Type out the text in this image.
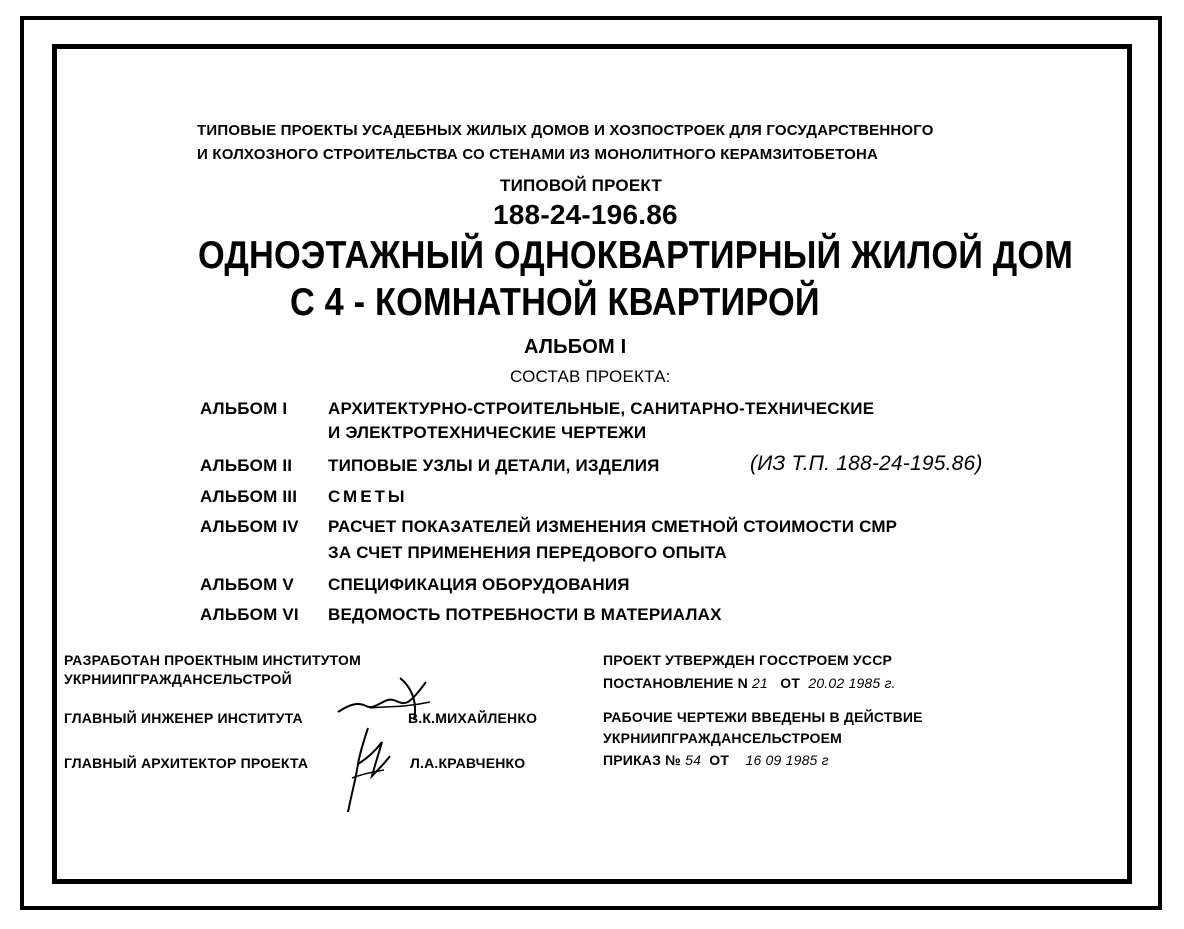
ТИПОВЫЕ ПРОЕКТЫ УСАДЕБНЫХ ЖИЛЫХ ДОМОВ И ХОЗПОСТРОЕК ДЛЯ ГОСУДАРСТВЕННОГО
И КОЛХОЗНОГО СТРОИТЕЛЬСТВА СО СТЕНАМИ ИЗ МОНОЛИТНОГО КЕРАМЗИТОБЕТОНА
ТИПОВОЙ ПРОЕКТ
188-24-196.86
ОДНОЭТАЖНЫЙ ОДНОКВАРТИРНЫЙ ЖИЛОЙ ДОМ
С 4 - КОМНАТНОЙ КВАРТИРОЙ
АЛЬБОМ I
СОСТАВ ПРОЕКТА:
АЛЬБОМ I АРХИТЕКТУРНО-СТРОИТЕЛЬНЫЕ, САНИТАРНО-ТЕХНИЧЕСКИЕ
И ЭЛЕКТРОТЕХНИЧЕСКИЕ ЧЕРТЕЖИ
АЛЬБОМ II ТИПОВЫЕ УЗЛЫ И ДЕТАЛИ, ИЗДЕЛИЯ	(ИЗ Т.П. 188-24-195.86)
АЛЬБОМ III СМЕТЫ
АЛЬБОМ IV РАСЧЕТ ПОКАЗАТЕЛЕЙ ИЗМЕНЕНИЯ СМЕТНОЙ СТОИМОСТИ СМР
ЗА СЧЕТ ПРИМЕНЕНИЯ ПЕРЕДОВОГО ОПЫТА
АЛЬБОМ V СПЕЦИФИКАЦИЯ ОБОРУДОВАНИЯ
АЛЬБОМ VI ВЕДОМОСТЬ ПОТРЕБНОСТИ В МАТЕРИАЛАХ
РАЗРАБОТАН ПРОЕКТНЫМ ИНСТИТУТОМ
УКРНИИПГРАЖДАНСЕЛЬСТРОЙ
ГЛАВНЫЙ ИНЖЕНЕР ИНСТИТУТА	В.К.МИХАЙЛЕНКО
ГЛАВНЫЙ АРХИТЕКТОР ПРОЕКТА	Л.А.КРАВЧЕНКО
ПРОЕКТ УТВЕРЖДЕН ГОССТРОЕМ УССР
ПОСТАНОВЛЕНИЕ N 21 ОТ 20.02 1985 г.
РАБОЧИЕ ЧЕРТЕЖИ ВВЕДЕНЫ В ДЕЙСТВИЕ
УКРНИИПГРАЖДАНСЕЛЬСТРОЕМ
ПРИКАЗ № 54 ОТ 16 09 1985 г
